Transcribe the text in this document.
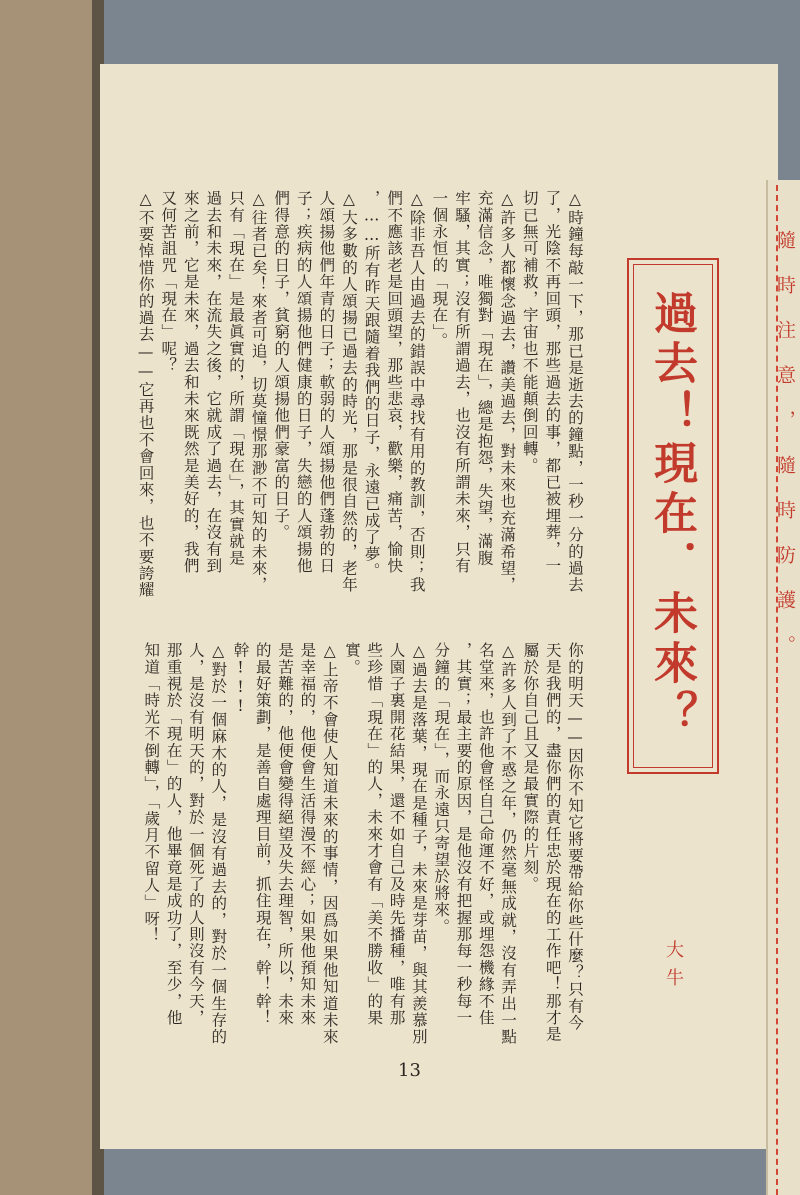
△時鐘每敲一下，那已是逝去的鐘點，一秒一分的過去
了，光陰不再回頭，那些過去的事，都已被埋葬，一
切已無可補救，宇宙也不能顛倒回轉。
△許多人都懷念過去，讚美過去，對未來也充滿希望，
充滿信念，唯獨對「現在」，總是抱怨，失望，滿腹
牢騷，其實；沒有所謂過去，也沒有所謂未來，只有
一個永恒的「現在」。
△除非吾人由過去的錯誤中尋找有用的教訓，否則；我
們不應該老是回頭望，那些悲哀，歡樂，痛苦，愉快
，……所有昨天跟隨着我們的日子，永遠已成了夢。
△大多數的人頌揚已過去的時光，那是很自然的，老年
人頌揚他們年青的日子；軟弱的人頌揚他們蓬勃的日
子；疾病的人頌揚他們健康的日子，失戀的人頌揚他
們得意的日子，貧窮的人頌揚他們豪富的日子。
△往者已矣！來者可追，切莫憧憬那渺不可知的未來，
只有「現在」是最眞實的，所謂「現在」，其實就是
過去和未來，在流失之後，它就成了過去，在沒有到
來之前，它是未來，過去和未來既然是美好的，我們
又何苦詛咒「現在」呢？
△不要悼惜你的過去——它再也不會回來，也不要誇耀
你的明天——因你不知它將要帶給你些什麼？只有今
天是我們的，盡你們的責任忠於現在的工作吧！那才是
屬於你自己且又是最實際的片刻。
△許多人到了不惑之年，仍然毫無成就，沒有弄出一點
名堂來，也許他會怪自己命運不好，或埋怨機緣不佳
，其實；最主要的原因，是他沒有把握那每一秒每一
分鐘的「現在」，而永遠只寄望於將來。
△過去是落葉，現在是種子，未來是芽苗，與其羨慕別
人園子裏開花結果，還不如自己及時先播種，唯有那
些珍惜「現在」的人，未來才會有「美不勝收」的果
實。
△上帝不會使人知道未來的事情，因爲如果他知道未來
是幸福的，他便會生活得漫不經心；如果他預知未來
是苦難的，他便會變得絕望及失去理智，所以，未來
的最好策劃，是善自處理目前，抓住現在，幹！幹！
幹!!!
△對於一個麻木的人，是沒有過去的，對於一個生存的
人，是沒有明天的，對於一個死了的人則沒有今天，
那重視於「現在」的人，他畢竟是成功了，至少，他
知道「時光不倒轉」，「歲月不留人」呀！
過去！現在．未來？
大牛
隨時注意，隨時防護。
13
